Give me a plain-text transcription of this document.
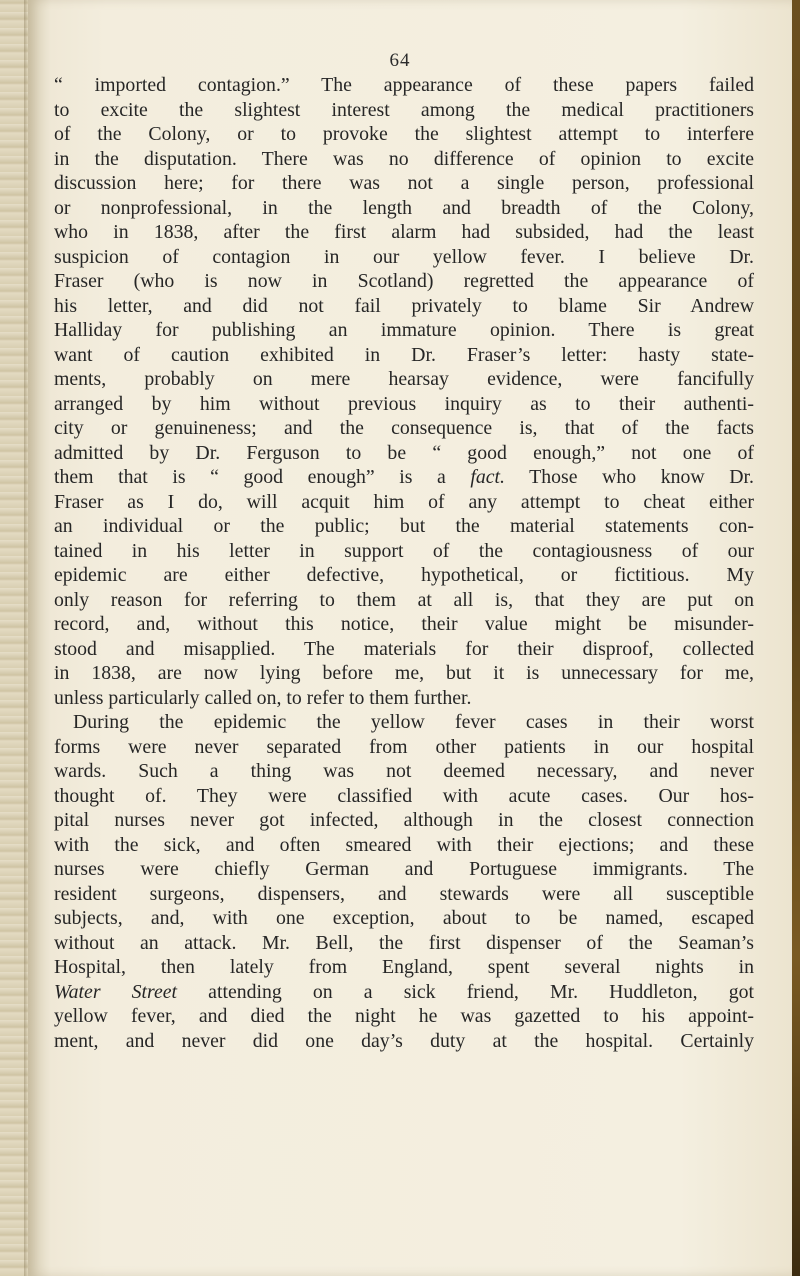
64
“ imported contagion.” The appearance of these papers failed
to excite the slightest interest among the medical practitioners
of the Colony, or to provoke the slightest attempt to interfere
in the disputation. There was no difference of opinion to excite
discussion here; for there was not a single person, professional
or nonprofessional, in the length and breadth of the Colony,
who in 1838, after the first alarm had subsided, had the least
suspicion of contagion in our yellow fever. I believe Dr.
Fraser (who is now in Scotland) regretted the appearance of
his letter, and did not fail privately to blame Sir Andrew
Halliday for publishing an immature opinion. There is great
want of caution exhibited in Dr. Fraser’s letter: hasty state-
ments, probably on mere hearsay evidence, were fancifully
arranged by him without previous inquiry as to their authenti-
city or genuineness; and the consequence is, that of the facts
admitted by Dr. Ferguson to be “ good enough,” not one of
them that is “ good enough” is a fact. Those who know Dr.
Fraser as I do, will acquit him of any attempt to cheat either
an individual or the public; but the material statements con-
tained in his letter in support of the contagiousness of our
epidemic are either defective, hypothetical, or fictitious. My
only reason for referring to them at all is, that they are put on
record, and, without this notice, their value might be misunder-
stood and misapplied. The materials for their disproof, collected
in 1838, are now lying before me, but it is unnecessary for me,
unless particularly called on, to refer to them further.
During the epidemic the yellow fever cases in their worst
forms were never separated from other patients in our hospital
wards. Such a thing was not deemed necessary, and never
thought of. They were classified with acute cases. Our hos-
pital nurses never got infected, although in the closest connection
with the sick, and often smeared with their ejections; and these
nurses were chiefly German and Portuguese immigrants. The
resident surgeons, dispensers, and stewards were all susceptible
subjects, and, with one exception, about to be named, escaped
without an attack. Mr. Bell, the first dispenser of the Seaman’s
Hospital, then lately from England, spent several nights in
Water Street attending on a sick friend, Mr. Huddleton, got
yellow fever, and died the night he was gazetted to his appoint-
ment, and never did one day’s duty at the hospital. Certainly
